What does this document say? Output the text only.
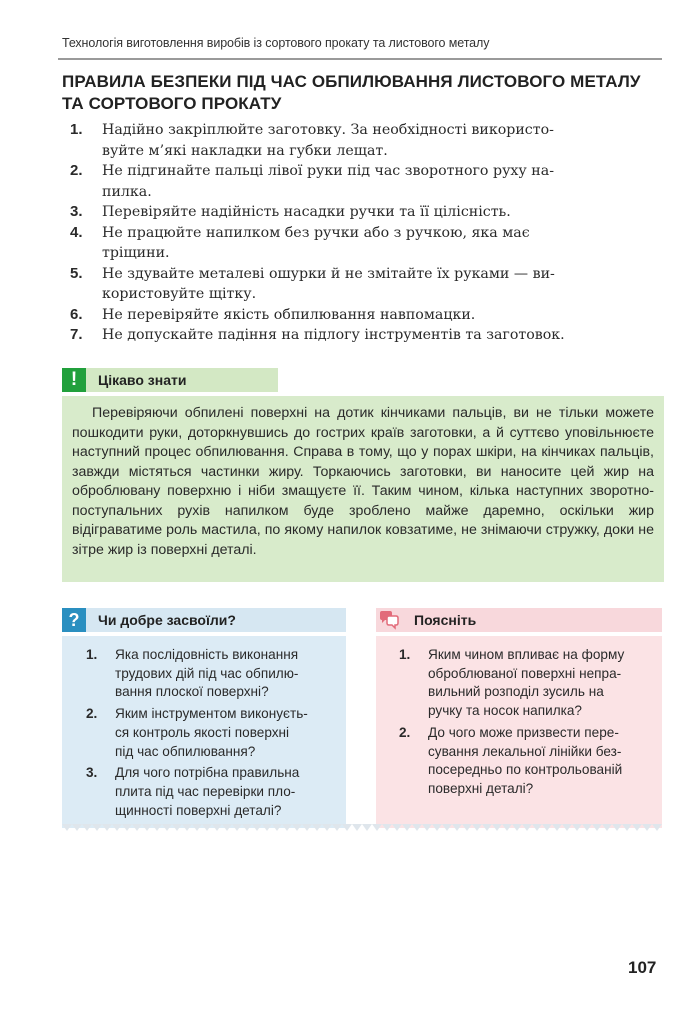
Технологія виготовлення виробів із сортового прокату та листового металу
ПРАВИЛА БЕЗПЕКИ ПІД ЧАС ОБПИЛЮВАННЯ ЛИСТОВОГО МЕТАЛУ ТА СОРТОВОГО ПРОКАТУ
1. Надійно закріплюйте заготовку. За необхідності використо-
вуйте м’які накладки на губки лещат.
2. Не підгинайте пальці лівої руки під час зворотного руху на-
пилка.
3. Перевіряйте надійність насадки ручки та її цілісність.
4. Не працюйте напилком без ручки або з ручкою, яка має
тріщини.
5. Не здувайте металеві ошурки й не змітайте їх руками — ви-
користовуйте щітку.
6. Не перевіряйте якість обпилювання навпомацки.
7. Не допускайте падіння на підлогу інструментів та заготовок.
!	Цікаво знати

Перевіряючи обпилені поверхні на дотик кінчиками пальців, ви не тільки можете пошкодити руки, доторкнувшись до гострих країв заготовки, а й суттєво уповільнюєте наступний процес обпилювання. Справа в тому, що у порах шкіри, на кінчиках пальців, завжди містяться частинки жиру. Торкаючись заготовки, ви наносите цей жир на оброблювану поверхню і ніби змащуєте її. Таким чином, кілька наступних зворотно-поступальних рухів напилком буде зроблено майже даремно, оскільки жир відіграватиме роль мастила, по якому напилок ковзатиме, не знімаючи стружку, доки не зітре жир із поверхні деталі.

?	Чи добре засвоїли?
1. Яка послідовність виконання
трудових дій під час обпилю-
вання плоскої поверхні?
2. Яким інструментом виконуєть-
ся контроль якості поверхні
під час обпилювання?
3. Для чого потрібна правильна
плита під час перевірки пло-
щинності поверхні деталі?
Поясніть
1. Яким чином впливає на форму
оброблюваної поверхні непра-
вильний розподіл зусиль на
ручку та носок напилка?
2. До чого може призвести пере-
сування лекальної лінійки без-
посередньо по контрольованій
поверхні деталі?
107
